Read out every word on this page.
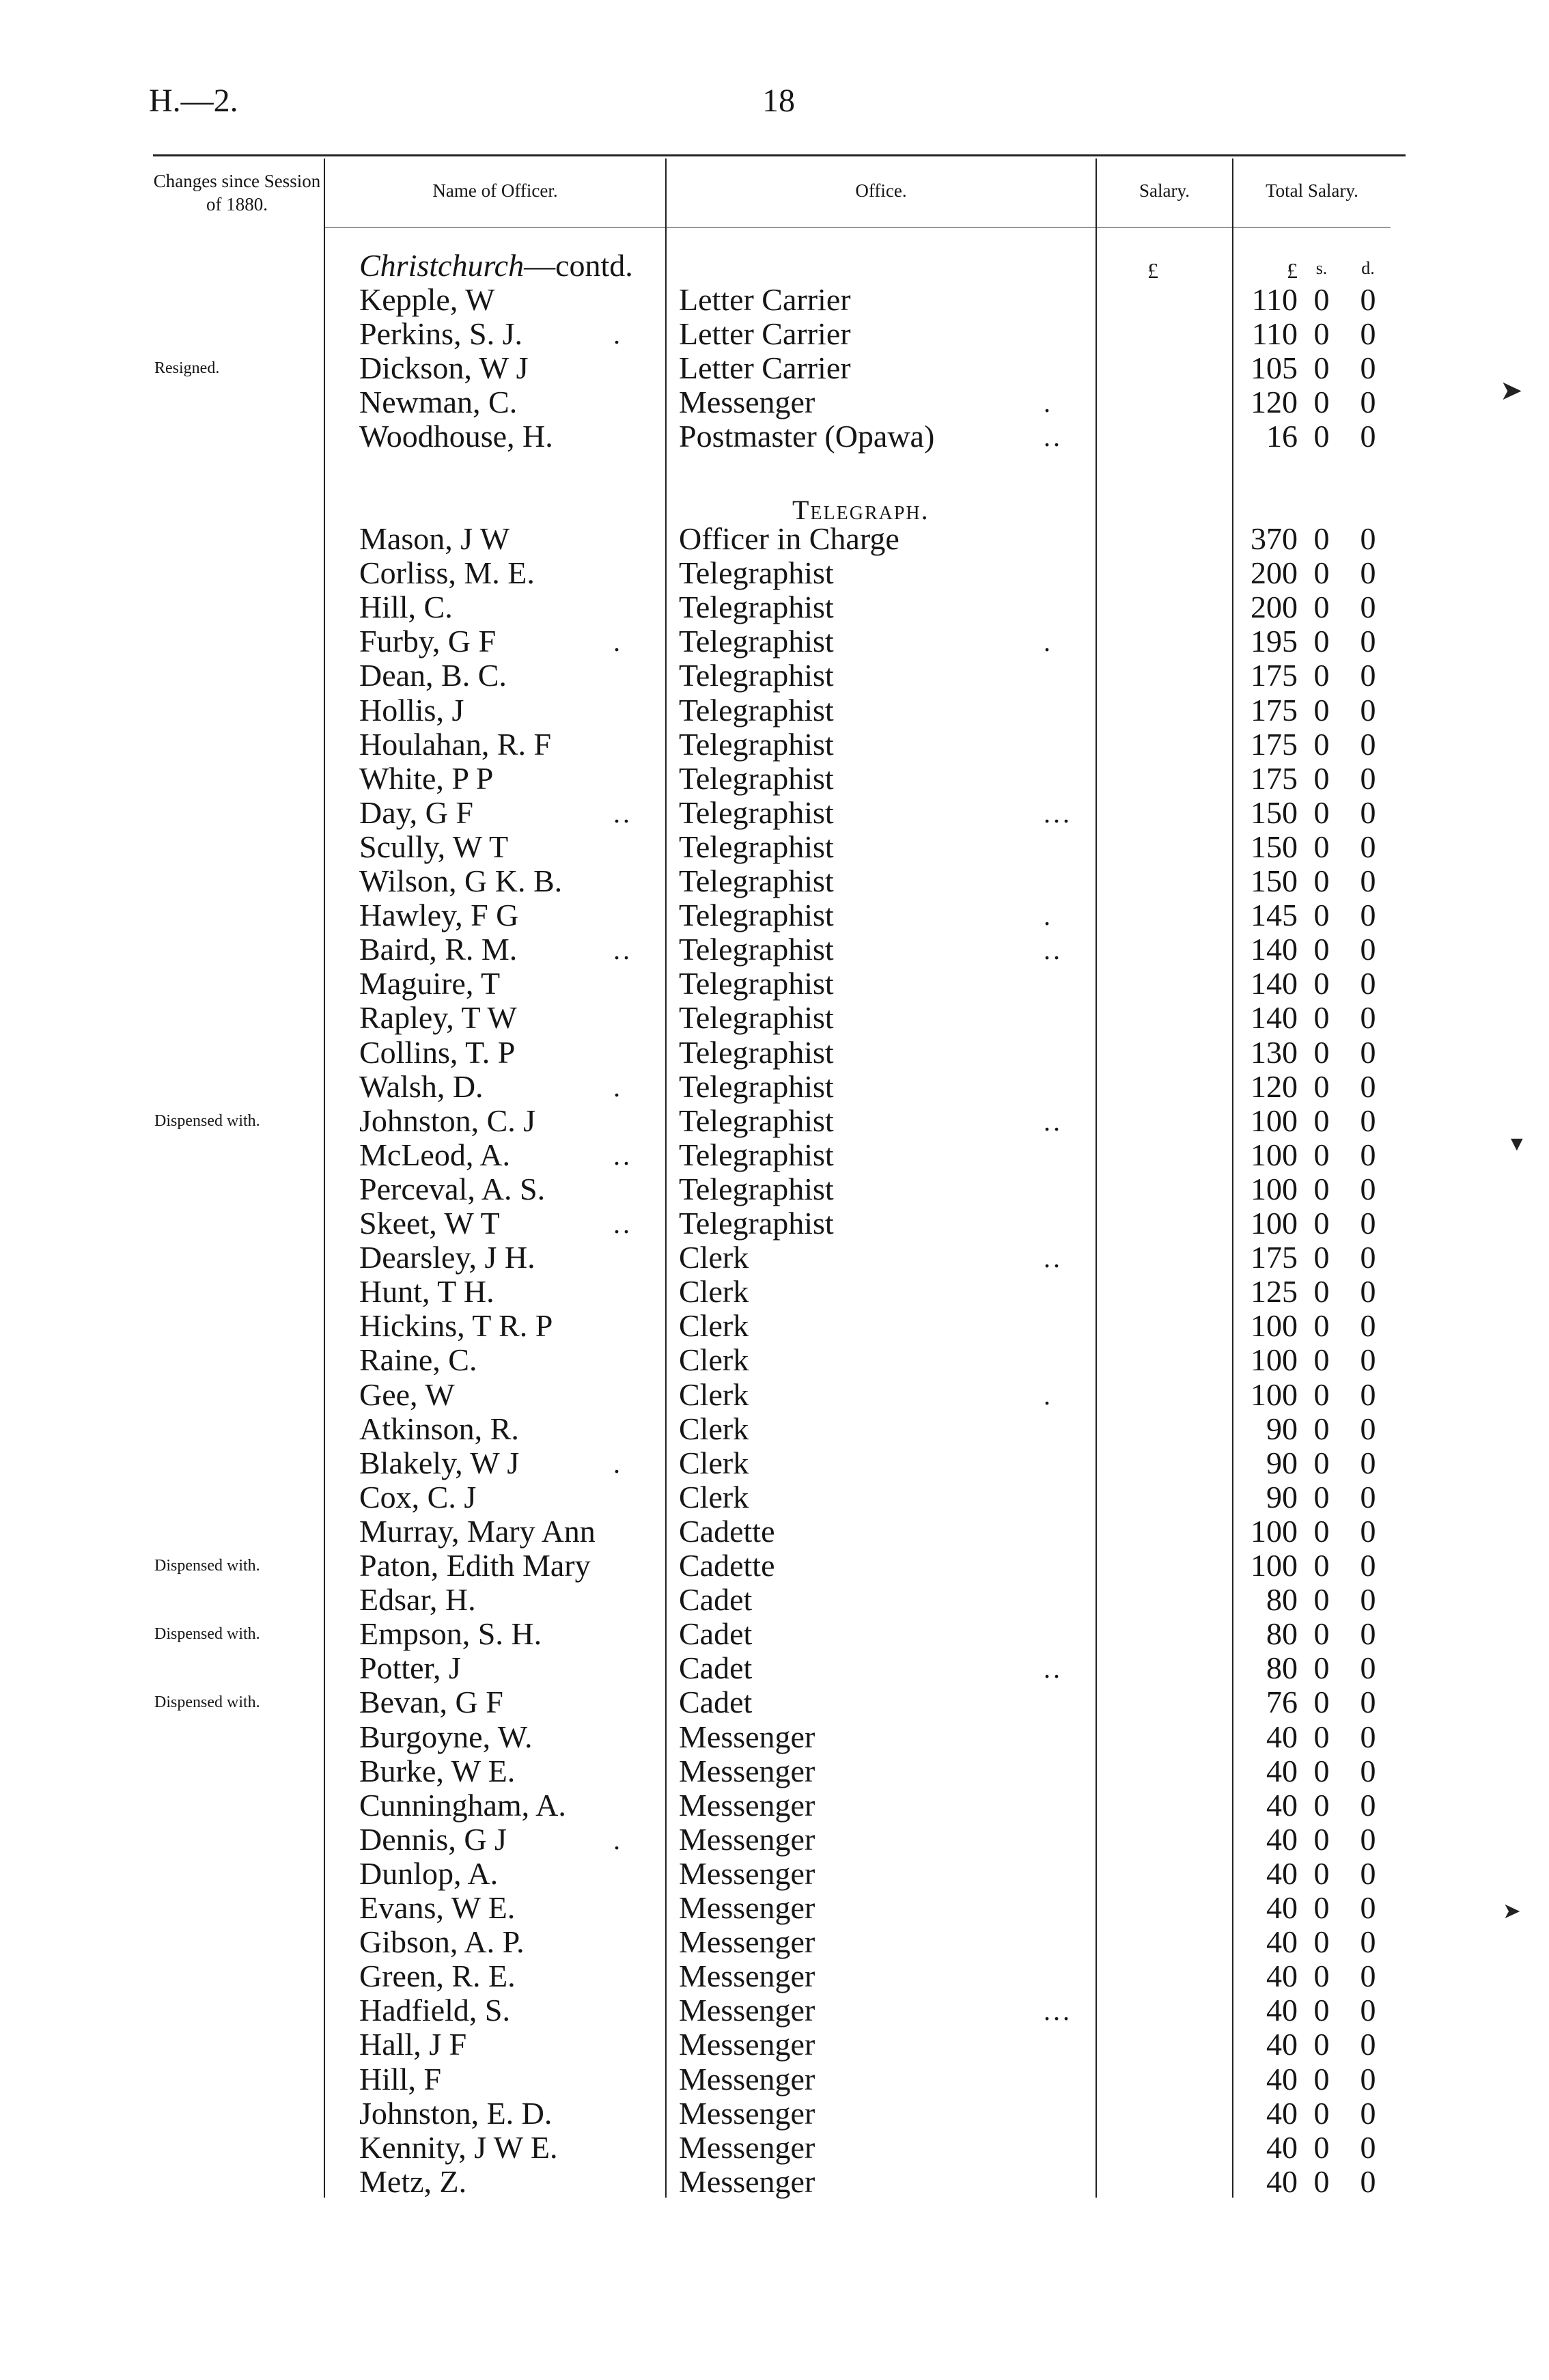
H.—2.	18
Changes since Session of 1880.
Name of Officer.	Office.	Salary.	Total Salary.
£	£	s.	d.
Christchurch—contd.
Telegraph.
Kepple, W	Letter Carrier	110 0 0
Perkins, S. J.	. Letter Carrier	110 0 0
Resigned.	Dickson, W J	Letter Carrier	105 0 0
Newman, C.	Messenger	.	120 0 0
Woodhouse, H.	Postmaster (Opawa)	..	16 0 0
Mason, J W	Officer in Charge	370 0 0
Corliss, M. E.	Telegraphist	200 0 0
Hill, C.	Telegraphist	200 0 0
Furby, G F	. Telegraphist	.	195 0 0
Dean, B. C.	Telegraphist	175 0 0
Hollis, J	Telegraphist	175 0 0
Houlahan, R. F	Telegraphist	175 0 0
White, P P	Telegraphist	175 0 0
Day, G F	.. Telegraphist	...	150 0 0
Scully, W T	Telegraphist	150 0 0
Wilson, G K. B.	Telegraphist	150 0 0
Hawley, F G	Telegraphist	.	145 0 0
Baird, R. M.	.. Telegraphist	..	140 0 0
Maguire, T	Telegraphist	140 0 0
Rapley, T W	Telegraphist	140 0 0
Collins, T. P	Telegraphist	130 0 0
Walsh, D.	. Telegraphist	120 0 0
Dispensed with.	Johnston, C. J	Telegraphist	..	100 0 0
McLeod, A.	.. Telegraphist	100 0 0
Perceval, A. S.	Telegraphist	100 0 0
Skeet, W T	.. Telegraphist	100 0 0
Dearsley, J H.	Clerk	..	175 0 0
Hunt, T H.	Clerk	125 0 0
Hickins, T R. P	Clerk	100 0 0
Raine, C.	Clerk	100 0 0
Gee, W	Clerk	.	100 0 0
Atkinson, R.	Clerk	90 0 0
Blakely, W J	. Clerk	90 0 0
Cox, C. J	Clerk	90 0 0
Murray, Mary Ann	Cadette	100 0 0
Dispensed with.	Paton, Edith Mary	Cadette	100 0 0
Edsar, H.	Cadet	80 0 0
Dispensed with.	Empson, S. H.	Cadet	80 0 0
Potter, J	Cadet	..	80 0 0
Dispensed with.	Bevan, G F	Cadet	76 0 0
Burgoyne, W.	Messenger	40 0 0
Burke, W E.	Messenger	40 0 0
Cunningham, A.	Messenger	40 0 0
Dennis, G J	. Messenger	40 0 0
Dunlop, A.	Messenger	40 0 0
Evans, W E.	Messenger	40 0 0
Gibson, A. P.	Messenger	40 0 0
Green, R. E.	Messenger	40 0 0
Hadfield, S.	Messenger	...	40 0 0
Hall, J F	Messenger	40 0 0
Hill, F	Messenger	40 0 0
Johnston, E. D.	Messenger	40 0 0
Kennity, J W E.	Messenger	40 0 0
Metz, Z.	Messenger	40 0 0
➤
▼
➤
